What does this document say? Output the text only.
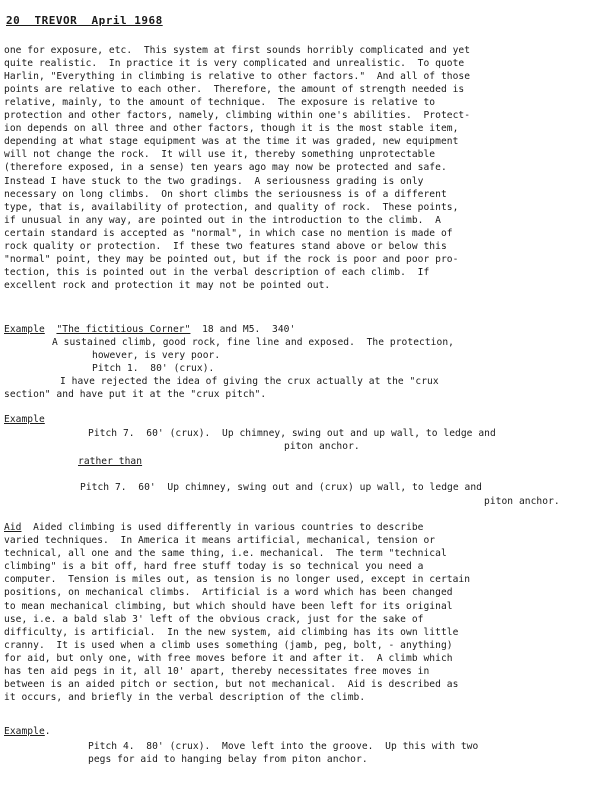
20  TREVOR  April 1968
one for exposure, etc.  This system at first sounds horribly complicated and yet
quite realistic.  In practice it is very complicated and unrealistic.  To quote
Harlin, "Everything in climbing is relative to other factors."  And all of those
points are relative to each other.  Therefore, the amount of strength needed is
relative, mainly, to the amount of technique.  The exposure is relative to
protection and other factors, namely, climbing within one's abilities.  Protect-
ion depends on all three and other factors, though it is the most stable item,
depending at what stage equipment was at the time it was graded, new equipment
will not change the rock.  It will use it, thereby something unprotectable
(therefore exposed, in a sense) ten years ago may now be protected and safe.
Instead I have stuck to the two gradings.  A seriousness grading is only
necessary on long climbs.  On short climbs the seriousness is of a different
type, that is, availability of protection, and quality of rock.  These points,
if unusual in any way, are pointed out in the introduction to the climb.  A
certain standard is accepted as "normal", in which case no mention is made of
rock quality or protection.  If these two features stand above or below this
"normal" point, they may be pointed out, but if the rock is poor and poor pro-
tection, this is pointed out in the verbal description of each climb.  If
excellent rock and protection it may not be pointed out.
Example "The fictitious Corner"  18 and M5.  340'
A sustained climb, good rock, fine line and exposed.  The protection,
however, is very poor.
Pitch 1.  80' (crux).
I have rejected the idea of giving the crux actually at the "crux
section" and have put it at the "crux pitch".
Example
Pitch 7.  60' (crux).  Up chimney, swing out and up wall, to ledge and
piton anchor.
rather than
Pitch 7.  60'  Up chimney, swing out and (crux) up wall, to ledge and
piton anchor.
Aid  Aided climbing is used differently in various countries to describe
varied techniques.  In America it means artificial, mechanical, tension or
technical, all one and the same thing, i.e. mechanical.  The term "technical
climbing" is a bit off, hard free stuff today is so technical you need a
computer.  Tension is miles out, as tension is no longer used, except in certain
positions, on mechanical climbs.  Artificial is a word which has been changed
to mean mechanical climbing, but which should have been left for its original
use, i.e. a bald slab 3' left of the obvious crack, just for the sake of
difficulty, is artificial.  In the new system, aid climbing has its own little
cranny.  It is used when a climb uses something (jamb, peg, bolt, - anything)
for aid, but only one, with free moves before it and after it.  A climb which
has ten aid pegs in it, all 10' apart, thereby necessitates free moves in
between is an aided pitch or section, but not mechanical.  Aid is described as
it occurs, and briefly in the verbal description of the climb.
Example.
Pitch 4.  80' (crux).  Move left into the groove.  Up this with two
pegs for aid to hanging belay from piton anchor.
